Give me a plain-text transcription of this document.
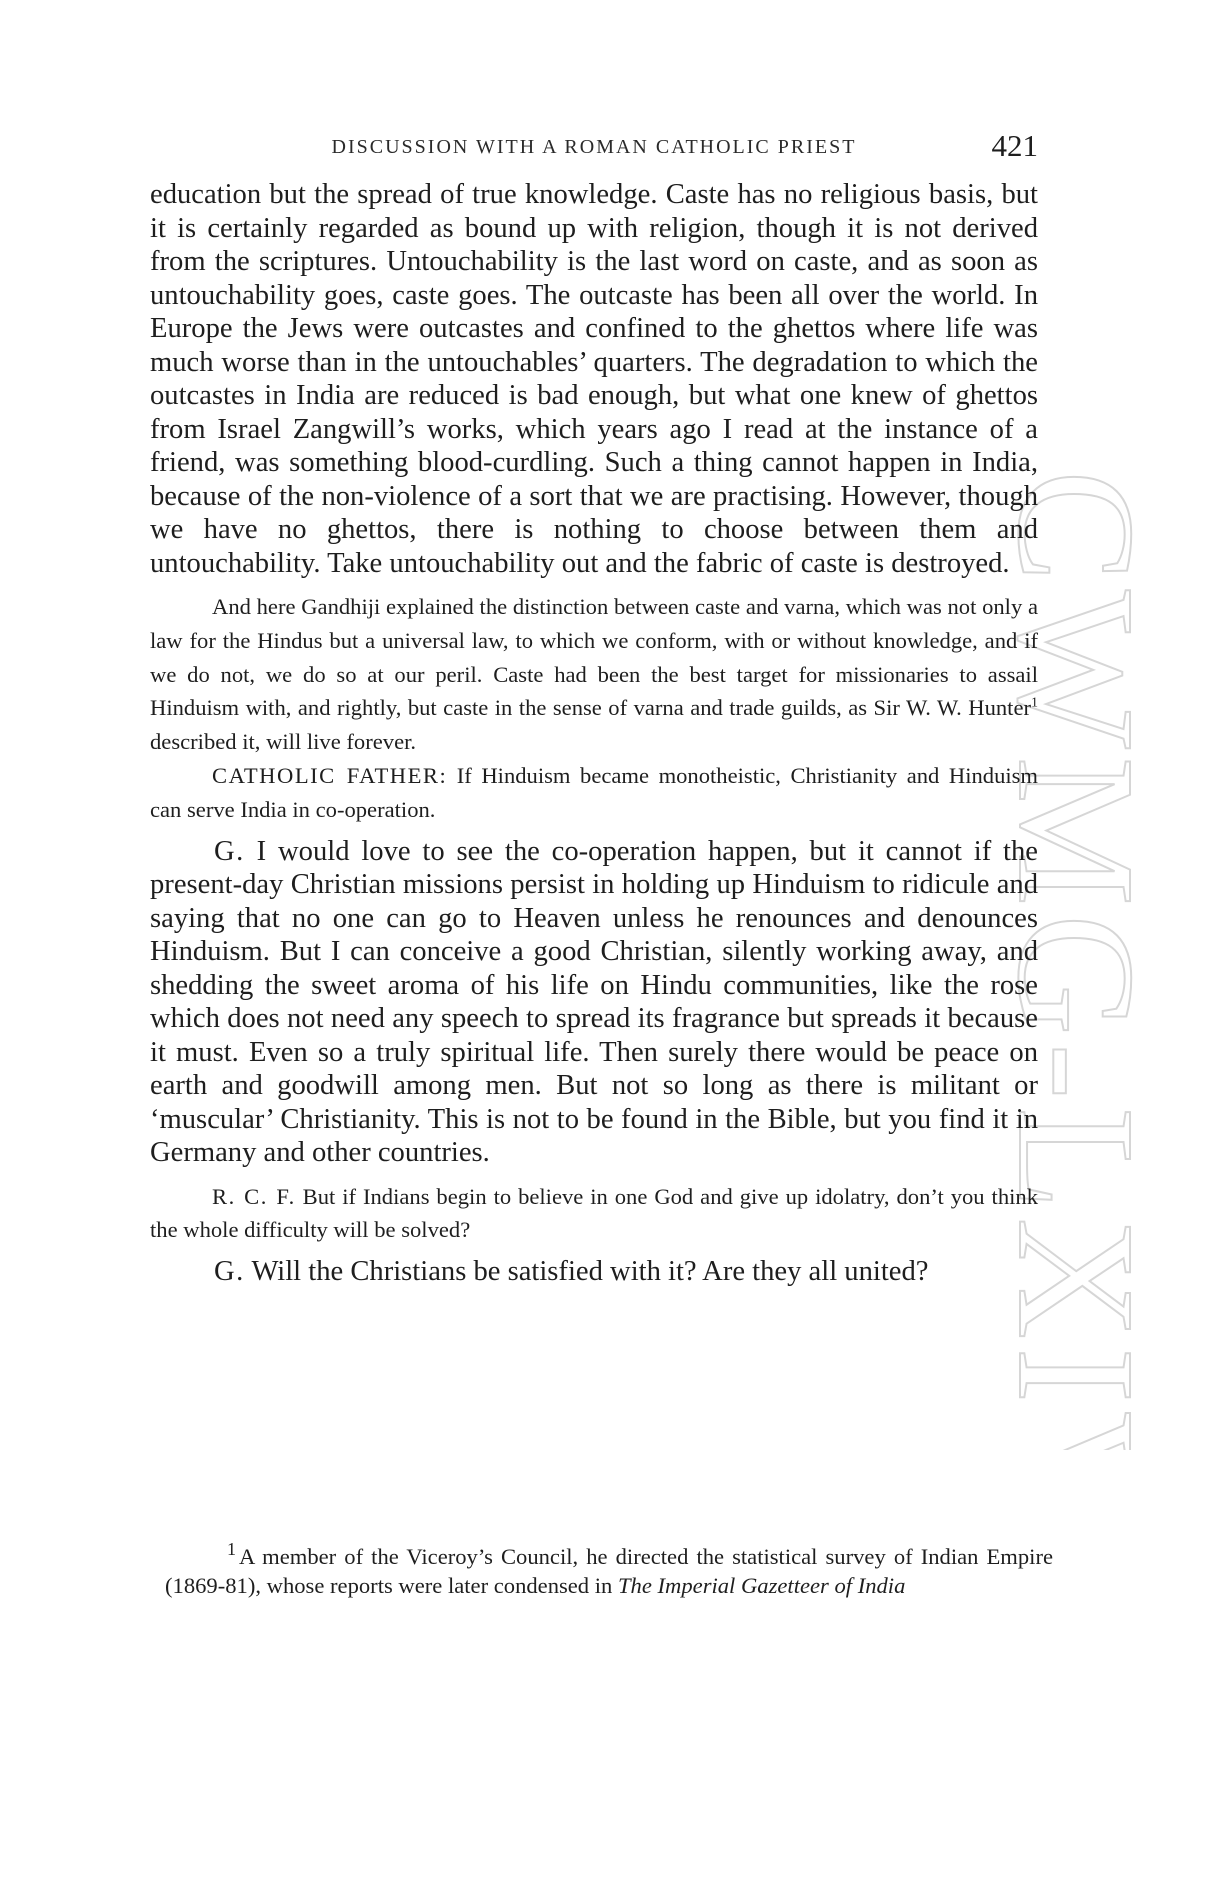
CWMG-LXIV
DISCUSSION WITH A ROMAN CATHOLIC PRIEST	421

education but the spread of true knowledge. Caste has no religious basis, but it is certainly regarded as bound up with religion, though it is not derived from the scriptures. Untouchability is the last word on caste, and as soon as untouchability goes, caste goes. The outcaste has been all over the world. In Europe the Jews were outcastes and confined to the ghettos where life was much worse than in the untouchables’ quarters. The degradation to which the outcastes in India are reduced is bad enough, but what one knew of ghettos from Israel Zangwill’s works, which years ago I read at the instance of a friend, was something blood-curdling. Such a thing cannot happen in India, because of the non-violence of a sort that we are practising. However, though we have no ghettos, there is nothing to choose between them and untouchability. Take untouchability out and the fabric of caste is destroyed.

And here Gandhiji explained the distinction between caste and varna, which was not only a law for the Hindus but a universal law, to which we conform, with or without knowledge, and if we do not, we do so at our peril. Caste had been the best target for missionaries to assail Hinduism with, and rightly, but caste in the sense of varna and trade guilds, as Sir W. W. Hunter$^1$ described it, will live forever.

CATHOLIC FATHER: If Hinduism became monotheistic, Christianity and Hinduism can serve India in co-operation.

G. I would love to see the co-operation happen, but it cannot if the present-day Christian missions persist in holding up Hinduism to ridicule and saying that no one can go to Heaven unless he renounces and denounces Hinduism. But I can conceive a good Christian, silently working away, and shedding the sweet aroma of his life on Hindu communities, like the rose which does not need any speech to spread its fragrance but spreads it because it must. Even so a truly spiritual life. Then surely there would be peace on earth and goodwill among men. But not so long as there is militant or ‘muscular’ Christianity. This is not to be found in the Bible, but you find it in Germany and other countries.

R. C. F. But if Indians begin to believe in one God and give up idolatry, don’t you think the whole difficulty will be solved?

G. Will the Christians be satisfied with it? Are they all united?

$^1$ A member of the Viceroy’s Council, he directed the statistical survey of Indian Empire (1869-81), whose reports were later condensed in The Imperial Gazetteer of India
